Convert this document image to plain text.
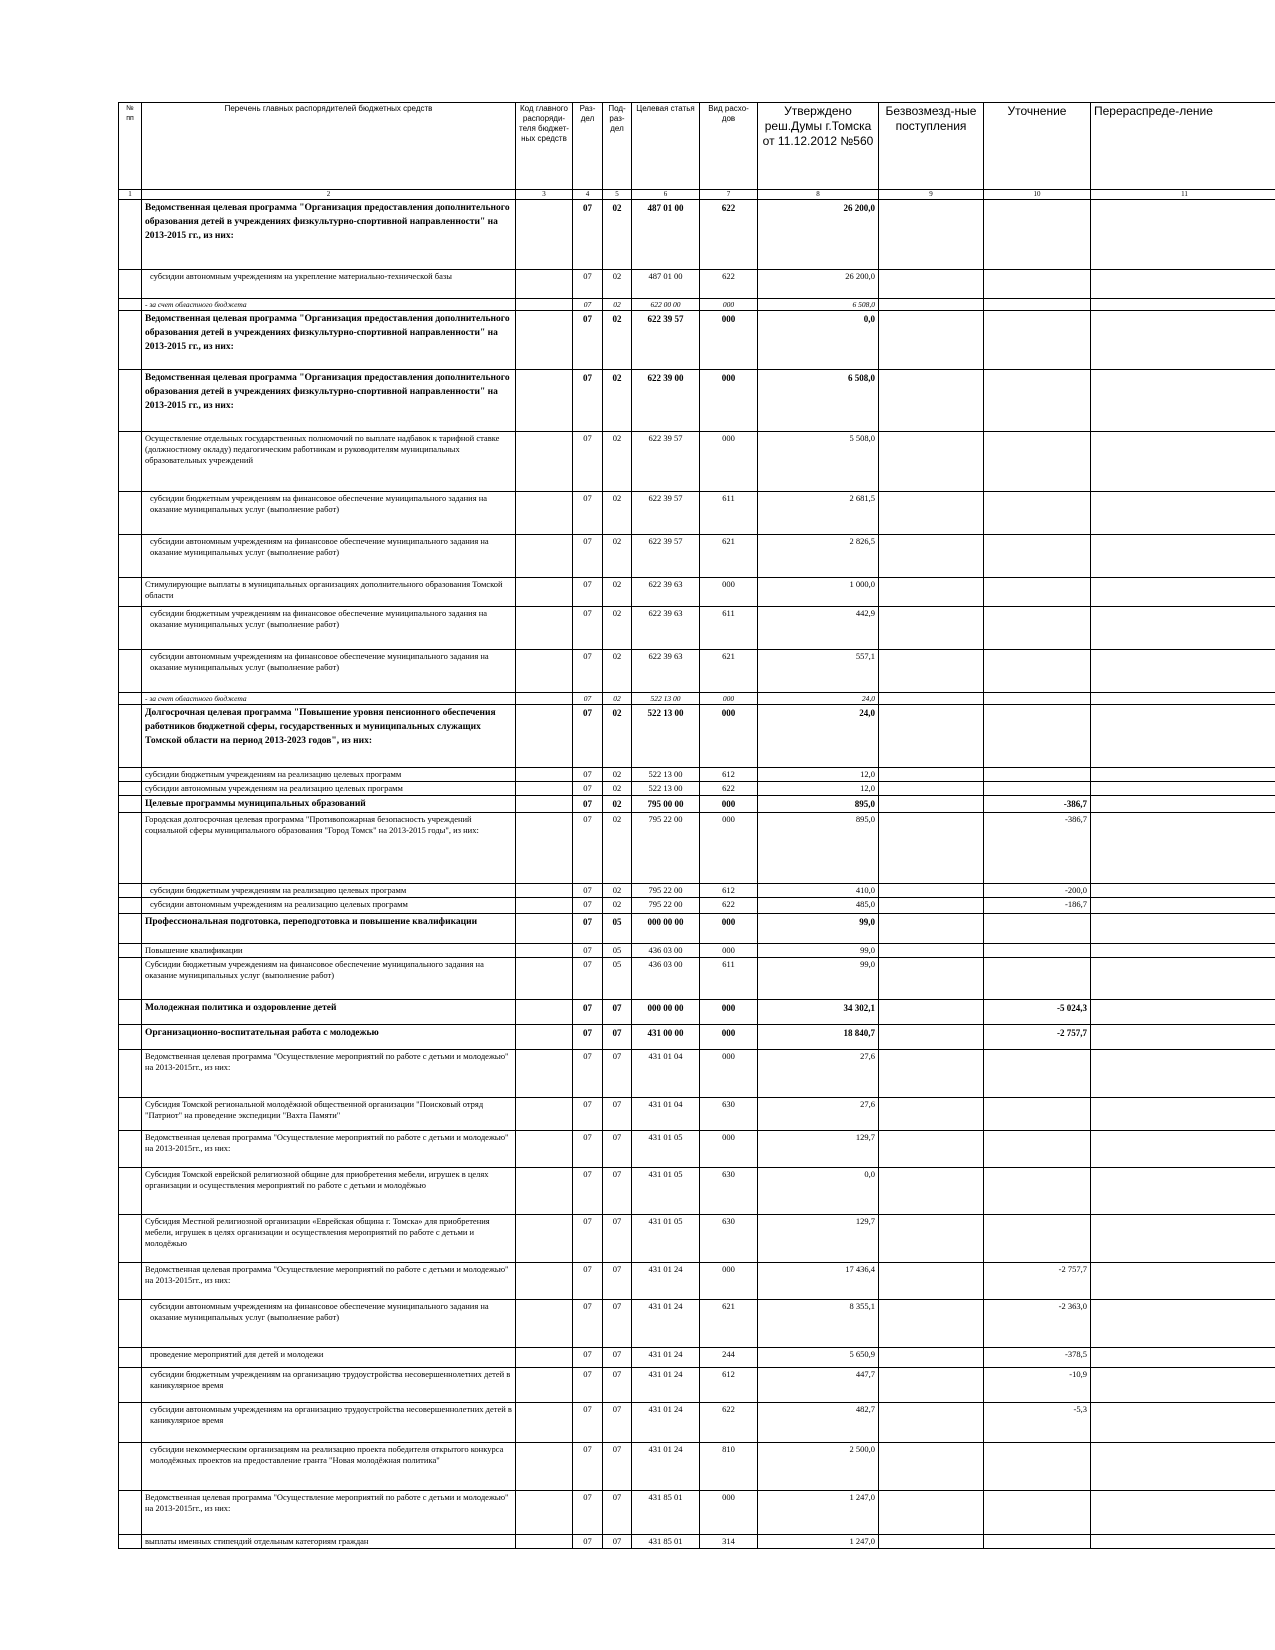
№ пп	Перечень главных распорядителей бюджетных средств	Код главного распоряди-теля бюджет-ных средств	Раз-дел	Под-раз-дел	Целевая статья	Вид расхо-дов	Утверждено реш.Думы г.Томска от 11.12.2012 №560	Безвозмезд-ные поступления	Уточнение	Перераспреде-ление
1	2	3	4	5	6	7	8	9	10	11
	Ведомственная целевая программа "Организация предоставления дополнительного образования детей в учреждениях физкультурно-спортивной направленности" на 2013-2015 гг., из них:		07	02	487 01 00	622	26 200,0			
	субсидии автономным учреждениям на укрепление материально-технической базы		07	02	487 01 00	622	26 200,0			
	- за счет областного бюджета		07	02	622 00 00	000	6 508,0			
	Ведомственная целевая программа "Организация предоставления дополнительного образования детей в учреждениях физкультурно-спортивной направленности" на 2013-2015 гг., из них:		07	02	622 39 57	000	0,0			
	Ведомственная целевая программа "Организация предоставления дополнительного образования детей в учреждениях физкультурно-спортивной направленности" на 2013-2015 гг., из них:		07	02	622 39 00	000	6 508,0			
	Осуществление отдельных государственных полномочий по выплате надбавок к тарифной ставке (должностному окладу) педагогическим работникам и руководителям муниципальных образовательных учреждений		07	02	622 39 57	000	5 508,0			
	субсидии бюджетным учреждениям на финансовое обеспечение муниципального задания на оказание муниципальных услуг (выполнение работ)		07	02	622 39 57	611	2 681,5			
	субсидии автономным учреждениям на финансовое обеспечение муниципального задания на оказание муниципальных услуг (выполнение работ)		07	02	622 39 57	621	2 826,5			
	Стимулирующие выплаты в муниципальных организациях дополнительного образования Томской области		07	02	622 39 63	000	1 000,0			
	субсидии бюджетным учреждениям на финансовое обеспечение муниципального задания на оказание муниципальных услуг (выполнение работ)		07	02	622 39 63	611	442,9			
	субсидии автономным учреждениям на финансовое обеспечение муниципального задания на оказание муниципальных услуг (выполнение работ)		07	02	622 39 63	621	557,1			
	- за счет областного бюджета		07	02	522 13 00	000	24,0			
	Долгосрочная целевая программа "Повышение уровня пенсионного обеспечения работников бюджетной сферы, государственных и муниципальных служащих Томской области на период 2013-2023 годов", из них:		07	02	522 13 00	000	24,0			
	субсидии бюджетным учреждениям на реализацию целевых программ		07	02	522 13 00	612	12,0			
	субсидии автономным учреждениям на реализацию целевых программ		07	02	522 13 00	622	12,0			
	Целевые программы муниципальных образований		07	02	795 00 00	000	895,0		-386,7	
	Городская долгосрочная целевая программа "Противопожарная безопасность учреждений социальной сферы муниципального образования "Город Томск" на 2013-2015 годы", из них:		07	02	795 22 00	000	895,0		-386,7	
	субсидии бюджетным учреждениям на реализацию целевых программ		07	02	795 22 00	612	410,0		-200,0	
	субсидии автономным учреждениям на реализацию целевых программ		07	02	795 22 00	622	485,0		-186,7	
	Профессиональная подготовка, переподготовка и повышение квалификации		07	05	000 00 00	000	99,0			
	Повышение квалификации		07	05	436 03 00	000	99,0			
	Субсидии бюджетным учреждениям на финансовое обеспечение муниципального задания на оказание муниципальных услуг (выполнение работ)		07	05	436 03 00	611	99,0			
	Молодежная политика и оздоровление детей		07	07	000 00 00	000	34 302,1		-5 024,3	
	Организационно-воспитательная работа с молодежью		07	07	431 00 00	000	18 840,7		-2 757,7	
	Ведомственная целевая программа "Осуществление мероприятий по работе с детьми и молодежью" на 2013-2015гг., из них:		07	07	431 01 04	000	27,6			
	Субсидия Томской региональной молодёжной общественной организации "Поисковый отряд "Патриот" на проведение экспедиции "Вахта Памяти"		07	07	431 01 04	630	27,6			
	Ведомственная целевая программа "Осуществление мероприятий по работе с детьми и молодежью" на 2013-2015гг., из них:		07	07	431 01 05	000	129,7			
	Субсидия Томской еврейской религиозной общине для приобретения мебели, игрушек в целях организации и осуществления мероприятий по работе с детьми и молодёжью		07	07	431 01 05	630	0,0			
	Субсидия Местной религиозной организации «Еврейская община г. Томска» для приобретения мебели, игрушек в целях организации и осуществления мероприятий по работе с детьми и молодёжью		07	07	431 01 05	630	129,7			
	Ведомственная целевая программа "Осуществление мероприятий по работе с детьми и молодежью" на 2013-2015гг., из них:		07	07	431 01 24	000	17 436,4		-2 757,7	
	субсидии автономным учреждениям на финансовое обеспечение муниципального задания на оказание муниципальных услуг (выполнение работ)		07	07	431 01 24	621	8 355,1		-2 363,0	
	проведение мероприятий для детей и молодежи		07	07	431 01 24	244	5 650,9		-378,5	
	субсидии бюджетным учреждениям на организацию трудоустройства несовершеннолетних детей в каникулярное время		07	07	431 01 24	612	447,7		-10,9	
	субсидии автономным учреждениям на организацию трудоустройства несовершеннолетних детей в каникулярное время		07	07	431 01 24	622	482,7		-5,3	
	субсидии некоммерческим организациям на реализацию проекта победителя открытого конкурса молодёжных проектов на предоставление гранта "Новая молодёжная политика"		07	07	431 01 24	810	2 500,0			
	Ведомственная целевая программа "Осуществление мероприятий по работе с детьми и молодежью" на 2013-2015гг., из них:		07	07	431 85 01	000	1 247,0			
	выплаты именных стипендий отдельным категориям граждан		07	07	431 85 01	314	1 247,0			
